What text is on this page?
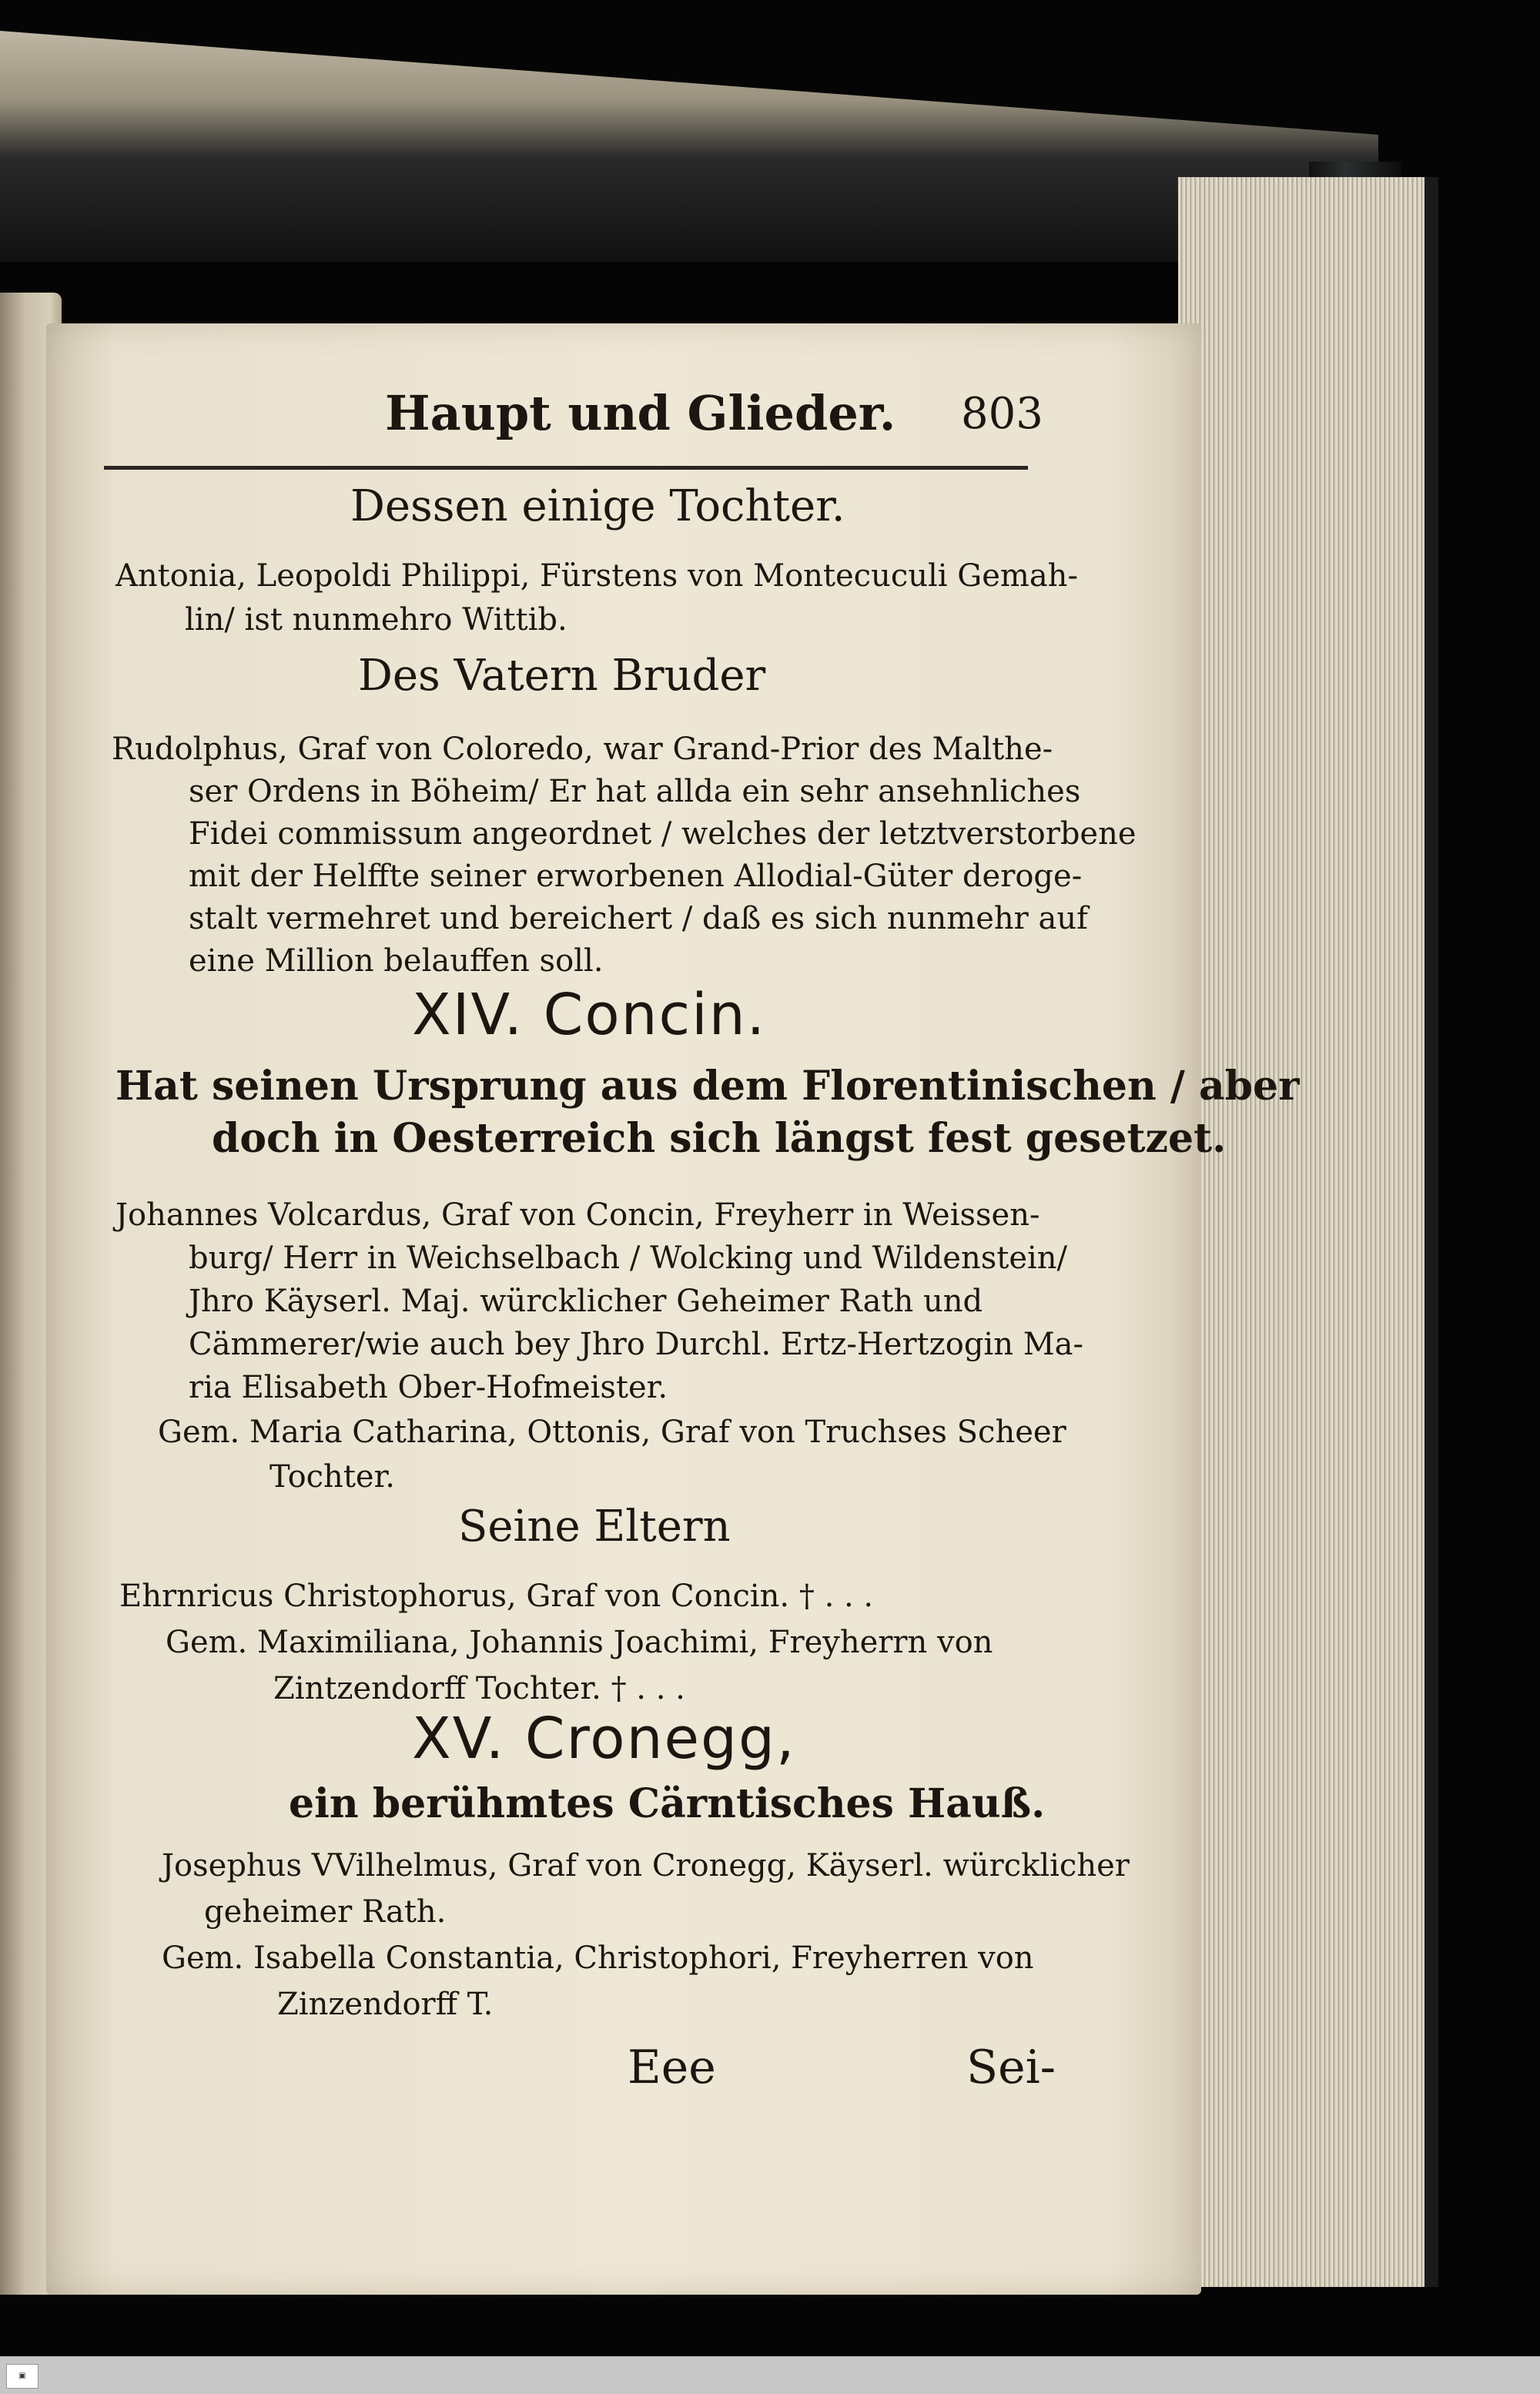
Haupt und Glieder. 803
Dessen einige Tochter.
Antonia, Leopoldi Philippi, Fürstens von Montecuculi Gemah-
lin/ ist nunmehro Wittib.
Des Vatern Bruder
Rudolphus, Graf von Coloredo, war Grand-Prior des Malthe-
ser Ordens in Böheim/ Er hat allda ein sehr ansehnliches
Fidei commissum angeordnet / welches der letztverstorbene
mit der Helffte seiner erworbenen Allodial-Güter deroge-
stalt vermehret und bereichert / daß es sich nunmehr auf
eine Million belauffen soll.
XIV. Concin.
Hat seinen Ursprung aus dem Florentinischen / aber
doch in Oesterreich sich längst fest gesetzet.
Johannes Volcardus, Graf von Concin, Freyherr in Weissen-
burg/ Herr in Weichselbach / Wolcking und Wildenstein/
Jhro Käyserl. Maj. würcklicher Geheimer Rath und
Cämmerer/wie auch bey Jhro Durchl. Ertz-Hertzogin Ma-
ria Elisabeth Ober-Hofmeister.
Gem. Maria Catharina, Ottonis, Graf von Truchses Scheer
Tochter.
Seine Eltern
Ehrnricus Christophorus, Graf von Concin. † . . .
Gem. Maximiliana, Johannis Joachimi, Freyherrn von
Zintzendorff Tochter. † . . .
XV. Cronegg,
ein berühmtes Cärntisches Hauß.
Josephus VVilhelmus, Graf von Cronegg, Käyserl. würcklicher
geheimer Rath.
Gem. Isabella Constantia, Christophori, Freyherren von
Zinzendorff T.
Eee	Sei-
▣
